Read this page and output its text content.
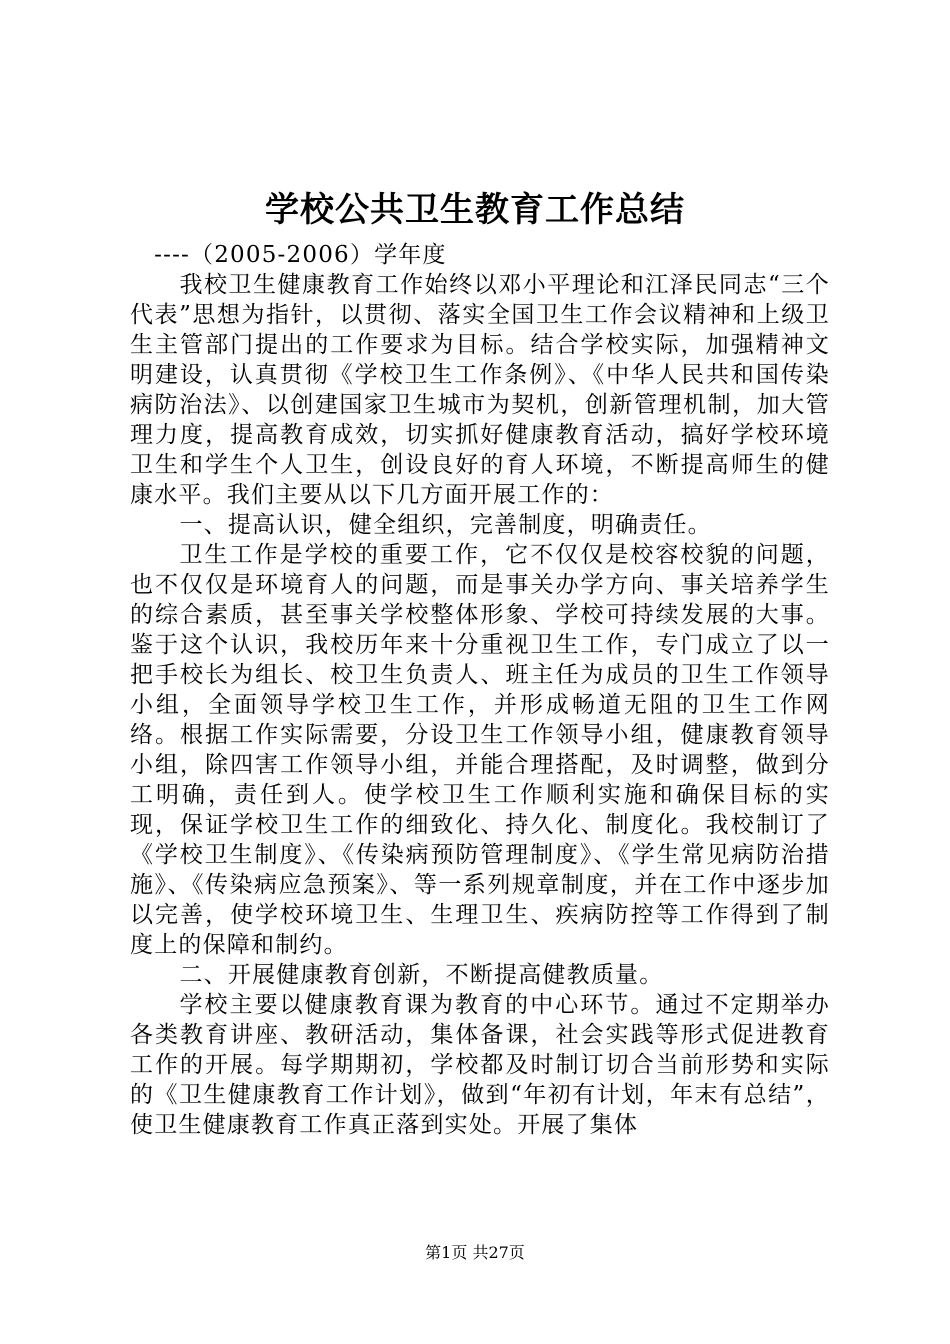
学校公共卫生教育工作总结

----（2005-2006）学年度

我校卫生健康教育工作始终以邓小平理论和江泽民同志“三个代表”思想为指针，以贯彻、落实全国卫生工作会议精神和上级卫生主管部门提出的工作要求为目标。结合学校实际，加强精神文明建设，认真贯彻《学校卫生工作条例》、《中华人民共和国传染病防治法》、以创建国家卫生城市为契机，创新管理机制，加大管理力度，提高教育成效，切实抓好健康教育活动，搞好学校环境卫生和学生个人卫生，创设良好的育人环境，不断提高师生的健康水平。我们主要从以下几方面开展工作的：

一、提高认识，健全组织，完善制度，明确责任。

卫生工作是学校的重要工作，它不仅仅是校容校貌的问题，也不仅仅是环境育人的问题，而是事关办学方向、事关培养学生的综合素质，甚至事关学校整体形象、学校可持续发展的大事。鉴于这个认识，我校历年来十分重视卫生工作，专门成立了以一把手校长为组长、校卫生负责人、班主任为成员的卫生工作领导小组，全面领导学校卫生工作，并形成畅道无阻的卫生工作网络。根据工作实际需要，分设卫生工作领导小组，健康教育领导小组，除四害工作领导小组，并能合理搭配，及时调整，做到分工明确，责任到人。使学校卫生工作顺利实施和确保目标的实现，保证学校卫生工作的细致化、持久化、制度化。我校制订了《学校卫生制度》、《传染病预防管理制度》、《学生常见病防治措施》、《传染病应急预案》、等一系列规章制度，并在工作中逐步加以完善，使学校环境卫生、生理卫生、疾病防控等工作得到了制度上的保障和制约。

二、开展健康教育创新，不断提高健教质量。

学校主要以健康教育课为教育的中心环节。通过不定期举办各类教育讲座、教研活动，集体备课，社会实践等形式促进教育工作的开展。每学期期初，学校都及时制订切合当前形势和实际的《卫生健康教育工作计划》，做到“年初有计划，年末有总结”，使卫生健康教育工作真正落到实处。开展了集体

第1页 共27页
